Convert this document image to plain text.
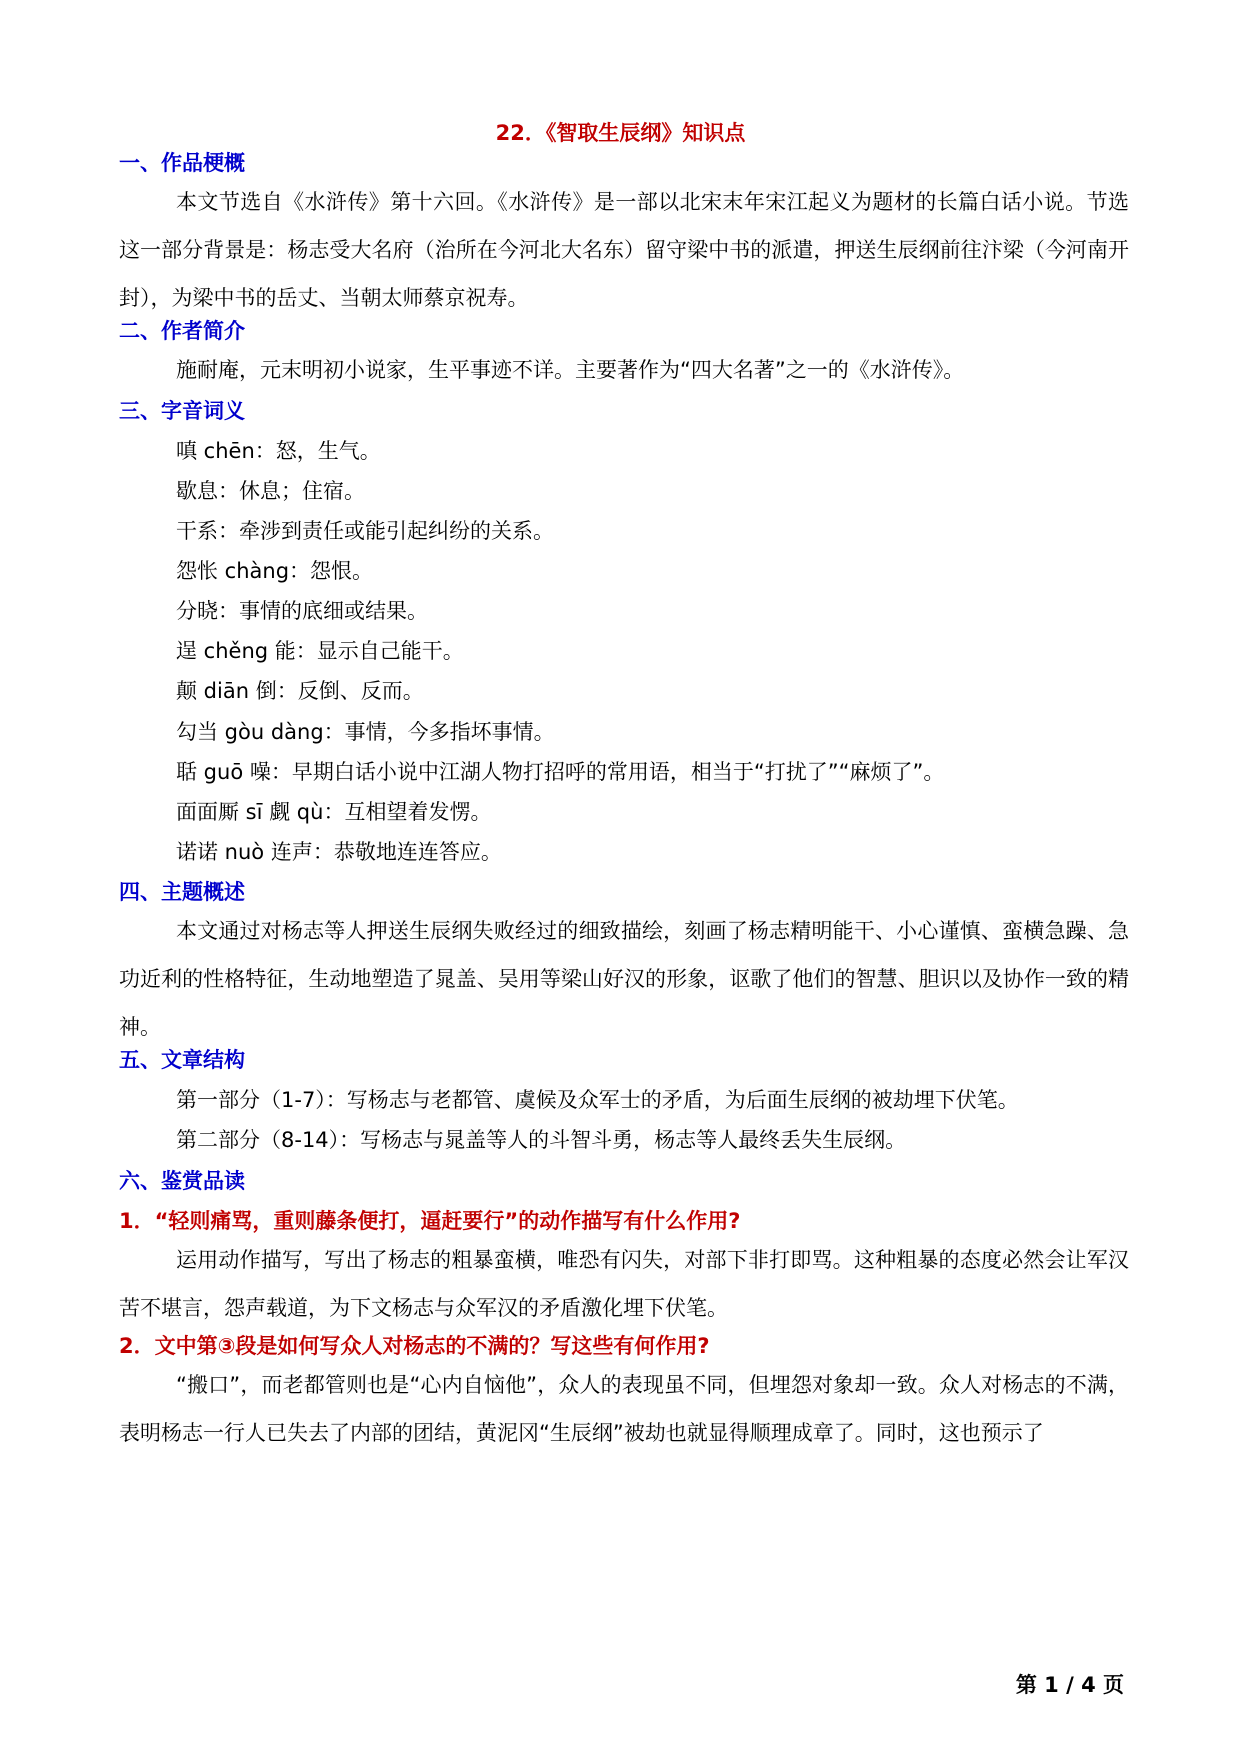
22．《智取生辰纲》知识点
一、作品梗概

本文节选自《水浒传》第十六回。《水浒传》是一部以北宋末年宋江起义为题材的长篇白话小说。节选这一部分背景是：杨志受大名府（治所在今河北大名东）留守梁中书的派遣，押送生辰纲前往汴梁（今河南开封），为梁中书的岳丈、当朝太师蔡京祝寿。

二、作者简介

施耐庵，元末明初小说家，生平事迹不详。主要著作为“四大名著”之一的《水浒传》。

三、字音词义
嗔 chēn：怒，生气。
歇息：休息；住宿。
干系：牵涉到责任或能引起纠纷的关系。
怨怅 chàng：怨恨。
分晓：事情的底细或结果。
逞 chěng 能：显示自己能干。
颠 diān 倒：反倒、反而。
勾当 gòu dàng：事情，今多指坏事情。
聒 guō 噪：早期白话小说中江湖人物打招呼的常用语，相当于“打扰了”“麻烦了”。
面面厮 sī 觑 qù：互相望着发愣。
诺诺 nuò 连声：恭敬地连连答应。
四、主题概述

本文通过对杨志等人押送生辰纲失败经过的细致描绘，刻画了杨志精明能干、小心谨慎、蛮横急躁、急功近利的性格特征，生动地塑造了晁盖、吴用等梁山好汉的形象，讴歌了他们的智慧、胆识以及协作一致的精神。

五、文章结构
第一部分（1-7）：写杨志与老都管、虞候及众军士的矛盾，为后面生辰纲的被劫埋下伏笔。
第二部分（8-14）：写杨志与晁盖等人的斗智斗勇，杨志等人最终丢失生辰纲。
六、鉴赏品读
1．“轻则痛骂，重则藤条便打，逼赶要行”的动作描写有什么作用?

运用动作描写，写出了杨志的粗暴蛮横，唯恐有闪失，对部下非打即骂。这种粗暴的态度必然会让军汉苦不堪言，怨声载道，为下文杨志与众军汉的矛盾激化埋下伏笔。

2．文中第③段是如何写众人对杨志的不满的？写这些有何作用?

“搬口”，而老都管则也是“心内自恼他”，众人的表现虽不同，但埋怨对象却一致。众人对杨志的不满，表明杨志一行人已失去了内部的团结，黄泥冈“生辰纲”被劫也就显得顺理成章了。同时，这也预示了

第 1 / 4 页
